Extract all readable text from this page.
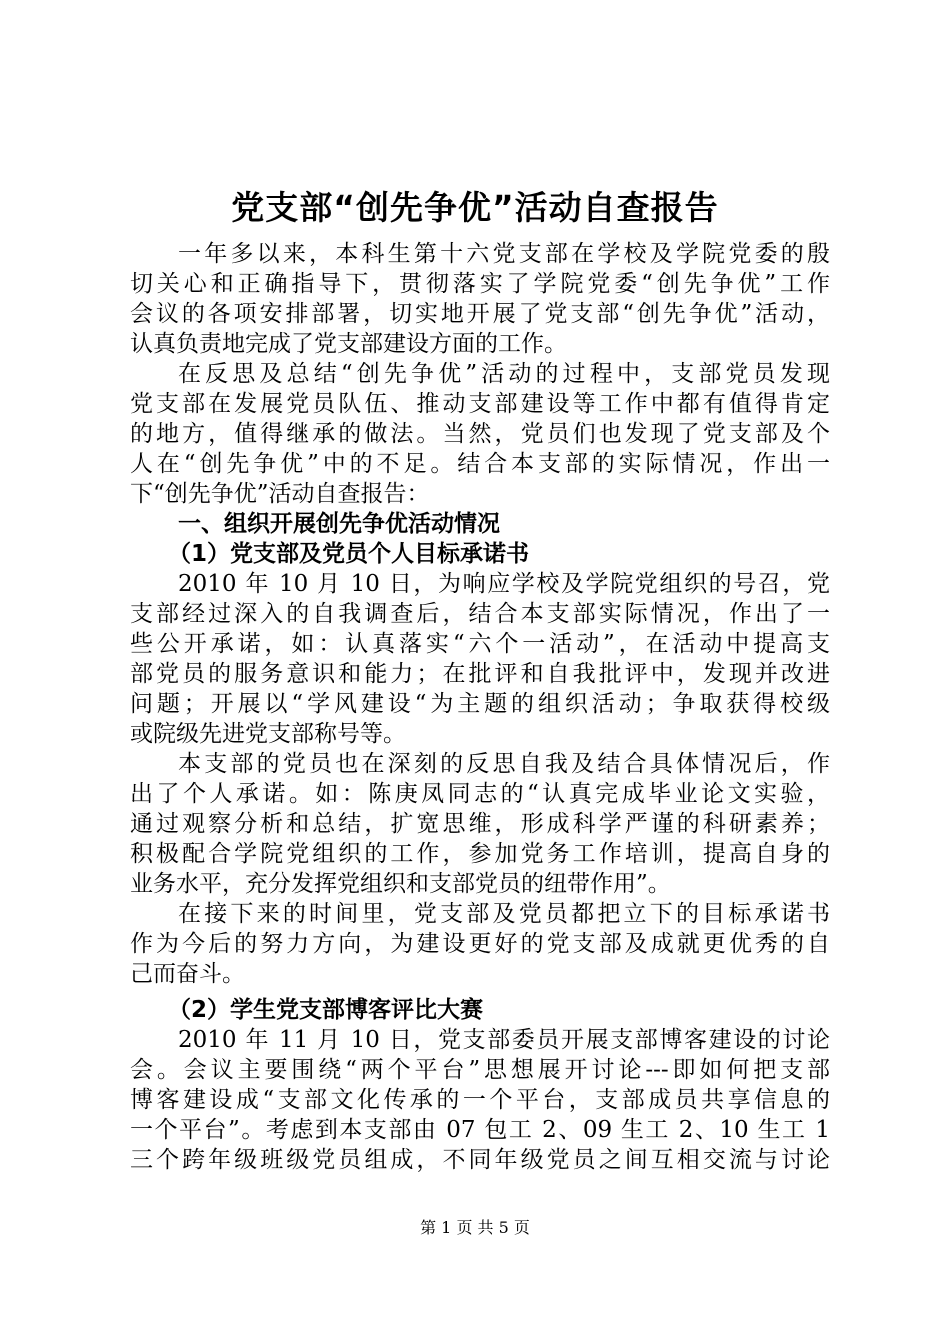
党支部“创先争优”活动自查报告
一年多以来，本科生第十六党支部在学校及学院党委的殷
切关心和正确指导下，贯彻落实了学院党委“创先争优”工作
会议的各项安排部署，切实地开展了党支部“创先争优”活动，
认真负责地完成了党支部建设方面的工作。
在反思及总结“创先争优”活动的过程中，支部党员发现
党支部在发展党员队伍、推动支部建设等工作中都有值得肯定
的地方，值得继承的做法。当然，党员们也发现了党支部及个
人在“创先争优”中的不足。结合本支部的实际情况，作出一
下“创先争优”活动自查报告：
一、组织开展创先争优活动情况
（1）党支部及党员个人目标承诺书
2010 年 10 月 10 日，为响应学校及学院党组织的号召，党
支部经过深入的自我调查后，结合本支部实际情况，作出了一
些公开承诺，如：认真落实“六个一活动”，在活动中提高支
部党员的服务意识和能力；在批评和自我批评中，发现并改进
问题；开展以“学风建设“为主题的组织活动；争取获得校级
或院级先进党支部称号等。
本支部的党员也在深刻的反思自我及结合具体情况后，作
出了个人承诺。如：陈庚凤同志的“认真完成毕业论文实验，
通过观察分析和总结，扩宽思维，形成科学严谨的科研素养；
积极配合学院党组织的工作，参加党务工作培训，提高自身的
业务水平，充分发挥党组织和支部党员的纽带作用”。
在接下来的时间里，党支部及党员都把立下的目标承诺书
作为今后的努力方向，为建设更好的党支部及成就更优秀的自
己而奋斗。
（2）学生党支部博客评比大赛
2010 年 11 月 10 日，党支部委员开展支部博客建设的讨论
会。会议主要围绕“两个平台”思想展开讨论---即如何把支部
博客建设成“支部文化传承的一个平台，支部成员共享信息的
一个平台”。考虑到本支部由 07 包工 2、09 生工 2、10 生工 1
三个跨年级班级党员组成，不同年级党员之间互相交流与讨论
第 1 页 共 5 页
